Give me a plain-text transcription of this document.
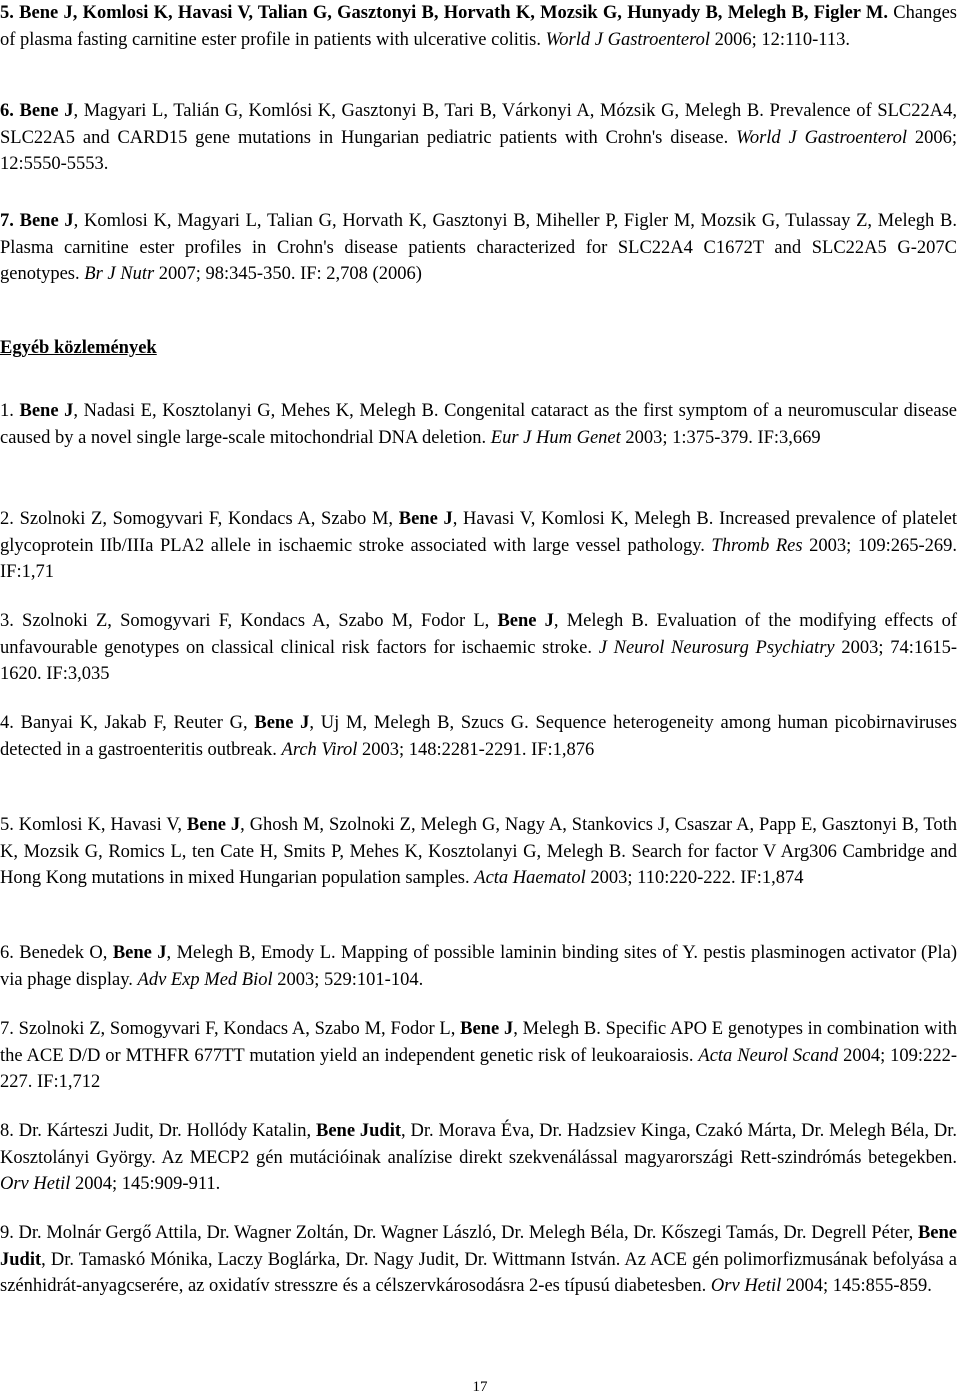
5. Bene J, Komlosi K, Havasi V, Talian G, Gasztonyi B, Horvath K, Mozsik G, Hunyady B, Melegh B, Figler M. Changes of plasma fasting carnitine ester profile in patients with ulcerative colitis. World J Gastroenterol 2006; 12:110-113.

6. Bene J, Magyari L, Talián G, Komlósi K, Gasztonyi B, Tari B, Várkonyi A, Mózsik G, Melegh B. Prevalence of SLC22A4, SLC22A5 and CARD15 gene mutations in Hungarian pediatric patients with Crohn's disease. World J Gastroenterol 2006; 12:5550-5553.

7. Bene J, Komlosi K, Magyari L, Talian G, Horvath K, Gasztonyi B, Miheller P, Figler M, Mozsik G, Tulassay Z, Melegh B. Plasma carnitine ester profiles in Crohn's disease patients characterized for SLC22A4 C1672T and SLC22A5 G-207C genotypes. Br J Nutr 2007; 98:345-350. IF: 2,708 (2006)

Egyéb közlemények

1. Bene J, Nadasi E, Kosztolanyi G, Mehes K, Melegh B. Congenital cataract as the first symptom of a neuromuscular disease caused by a novel single large-scale mitochondrial DNA deletion. Eur J Hum Genet 2003; 1:375-379. IF:3,669

2. Szolnoki Z, Somogyvari F, Kondacs A, Szabo M, Bene J, Havasi V, Komlosi K, Melegh B. Increased prevalence of platelet glycoprotein IIb/IIIa PLA2 allele in ischaemic stroke associated with large vessel pathology. Thromb Res 2003; 109:265-269. IF:1,71

3. Szolnoki Z, Somogyvari F, Kondacs A, Szabo M, Fodor L, Bene J, Melegh B. Evaluation of the modifying effects of unfavourable genotypes on classical clinical risk factors for ischaemic stroke. J Neurol Neurosurg Psychiatry 2003; 74:1615-1620. IF:3,035

4. Banyai K, Jakab F, Reuter G, Bene J, Uj M, Melegh B, Szucs G. Sequence heterogeneity among human picobirnaviruses detected in a gastroenteritis outbreak. Arch Virol 2003; 148:2281-2291. IF:1,876

5. Komlosi K, Havasi V, Bene J, Ghosh M, Szolnoki Z, Melegh G, Nagy A, Stankovics J, Csaszar A, Papp E, Gasztonyi B, Toth K, Mozsik G, Romics L, ten Cate H, Smits P, Mehes K, Kosztolanyi G, Melegh B. Search for factor V Arg306 Cambridge and Hong Kong mutations in mixed Hungarian population samples. Acta Haematol 2003; 110:220-222. IF:1,874

6. Benedek O, Bene J, Melegh B, Emody L. Mapping of possible laminin binding sites of Y. pestis plasminogen activator (Pla) via phage display. Adv Exp Med Biol 2003; 529:101-104.

7. Szolnoki Z, Somogyvari F, Kondacs A, Szabo M, Fodor L, Bene J, Melegh B. Specific APO E genotypes in combination with the ACE D/D or MTHFR 677TT mutation yield an independent genetic risk of leukoaraiosis. Acta Neurol Scand 2004; 109:222-227. IF:1,712

8. Dr. Kárteszi Judit, Dr. Hollódy Katalin, Bene Judit, Dr. Morava Éva, Dr. Hadzsiev Kinga, Czakó Márta, Dr. Melegh Béla, Dr. Kosztolányi György. Az MECP2 gén mutációinak analízise direkt szekvenálással magyarországi Rett-szindrómás betegekben. Orv Hetil 2004; 145:909-911.

9. Dr. Molnár Gergő Attila, Dr. Wagner Zoltán, Dr. Wagner László, Dr. Melegh Béla, Dr. Kőszegi Tamás, Dr. Degrell Péter, Bene Judit, Dr. Tamaskó Mónika, Laczy Boglárka, Dr. Nagy Judit, Dr. Wittmann István. Az ACE gén polimorfizmusának befolyása a szénhidrát-anyagcserére, az oxidatív stresszre és a célszervkárosodásra 2-es típusú diabetesben. Orv Hetil 2004; 145:855-859.

17
